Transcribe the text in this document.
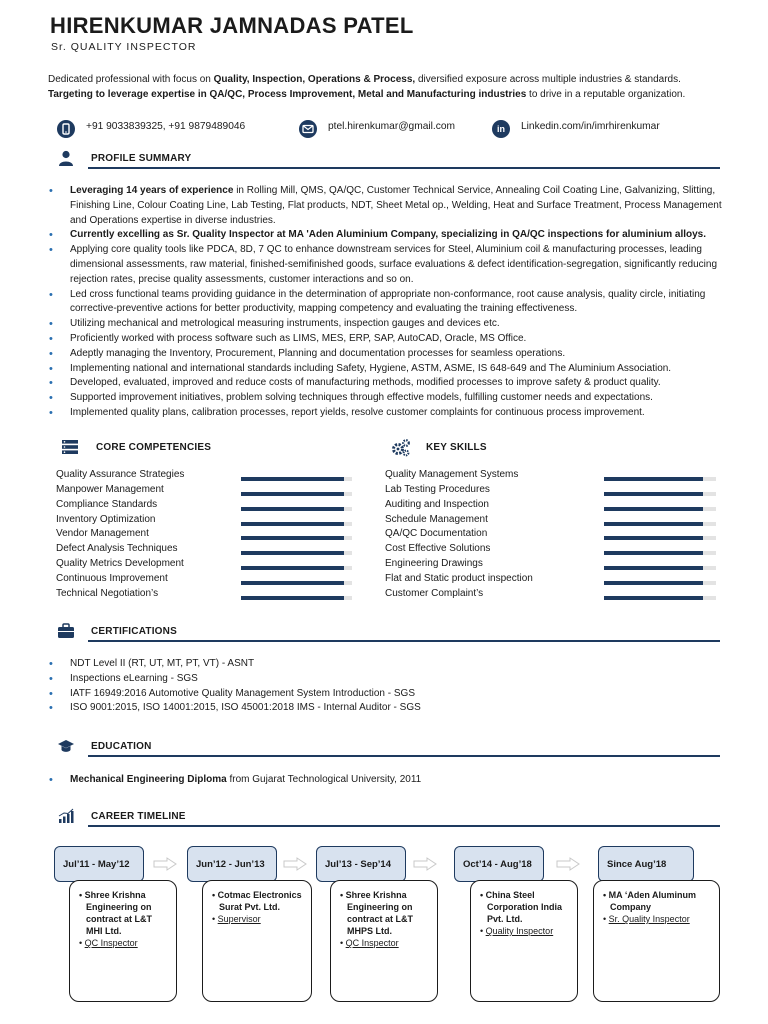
HIRENKUMAR JAMNADAS PATEL
Sr. QUALITY INSPECTOR
Dedicated professional with focus on Quality, Inspection, Operations & Process, diversified exposure across multiple industries & standards.
Targeting to leverage expertise in QA/QC, Process Improvement, Metal and Manufacturing industries to drive in a reputable organization.
+91 9033839325, +91 9879489046	ptel.hirenkumar@gmail.com	in	Linkedin.com/in/imrhirenkumar
PROFILE SUMMARY
• Leveraging 14 years of experience in Rolling Mill, QMS, QA/QC, Customer Technical Service, Annealing Coil Coating Line, Galvanizing, Slitting, Finishing Line, Colour Coating Line, Lab Testing, Flat products, NDT, Sheet Metal op., Welding, Heat and Surface Treatment, Process Management and Operations expertise in diverse industries.
• Currently excelling as Sr. Quality Inspector at MA 'Aden Aluminium Company, specializing in QA/QC inspections for aluminium alloys.
• Applying core quality tools like PDCA, 8D, 7 QC to enhance downstream services for Steel, Aluminium coil & manufacturing processes, leading dimensional assessments, raw material, finished-semifinished goods, surface evaluations & defect identification-segregation, significantly reducing rejection rates, precise quality assessments, customer interactions and so on.
• Led cross functional teams providing guidance in the determination of appropriate non-conformance, root cause analysis, quality circle, initiating corrective-preventive actions for better productivity, mapping competency and evaluating the training effectiveness.
• Utilizing mechanical and metrological measuring instruments, inspection gauges and devices etc.
• Proficiently worked with process software such as LIMS, MES, ERP, SAP, AutoCAD, Oracle, MS Office.
• Adeptly managing the Inventory, Procurement, Planning and documentation processes for seamless operations.
• Implementing national and international standards including Safety, Hygiene, ASTM, ASME, IS 648-649 and The Aluminium Association.
• Developed, evaluated, improved and reduce costs of manufacturing methods, modified processes to improve safety & product quality.
• Supported improvement initiatives, problem solving techniques through effective models, fulfilling customer needs and expectations.
• Implemented quality plans, calibration processes, report yields, resolve customer complaints for continuous process improvement.
CORE COMPETENCIES	KEY SKILLS
Quality Assurance Strategies
Manpower Management
Compliance Standards
Inventory Optimization
Vendor Management
Defect Analysis Techniques
Quality Metrics Development
Continuous Improvement
Technical Negotiation’s
Quality Management Systems
Lab Testing Procedures
Auditing and Inspection
Schedule Management
QA/QC Documentation
Cost Effective Solutions
Engineering Drawings
Flat and Static product inspection
Customer Complaint’s
CERTIFICATIONS
• NDT Level II (RT, UT, MT, PT, VT) - ASNT
• Inspections eLearning - SGS
• IATF 16949:2016 Automotive Quality Management System Introduction - SGS
• ISO 9001:2015, ISO 14001:2015, ISO 45001:2018 IMS - Internal Auditor - SGS
EDUCATION
• Mechanical Engineering Diploma from Gujarat Technological University, 2011
CAREER TIMELINE
Jul’11 - May’12
• Shree Krishna Engineering on contract at L&T MHI Ltd.
• QC Inspector
Jun’12 - Jun’13
• Cotmac Electronics Surat Pvt. Ltd.
• Supervisor
Jul’13 - Sep’14
• Shree Krishna Engineering on contract at L&T MHPS Ltd.
• QC Inspector
Oct’14 - Aug’18
• China Steel Corporation India Pvt. Ltd.
• Quality Inspector
Since Aug’18
• MA ‘Aden Aluminum Company
• Sr. Quality Inspector
